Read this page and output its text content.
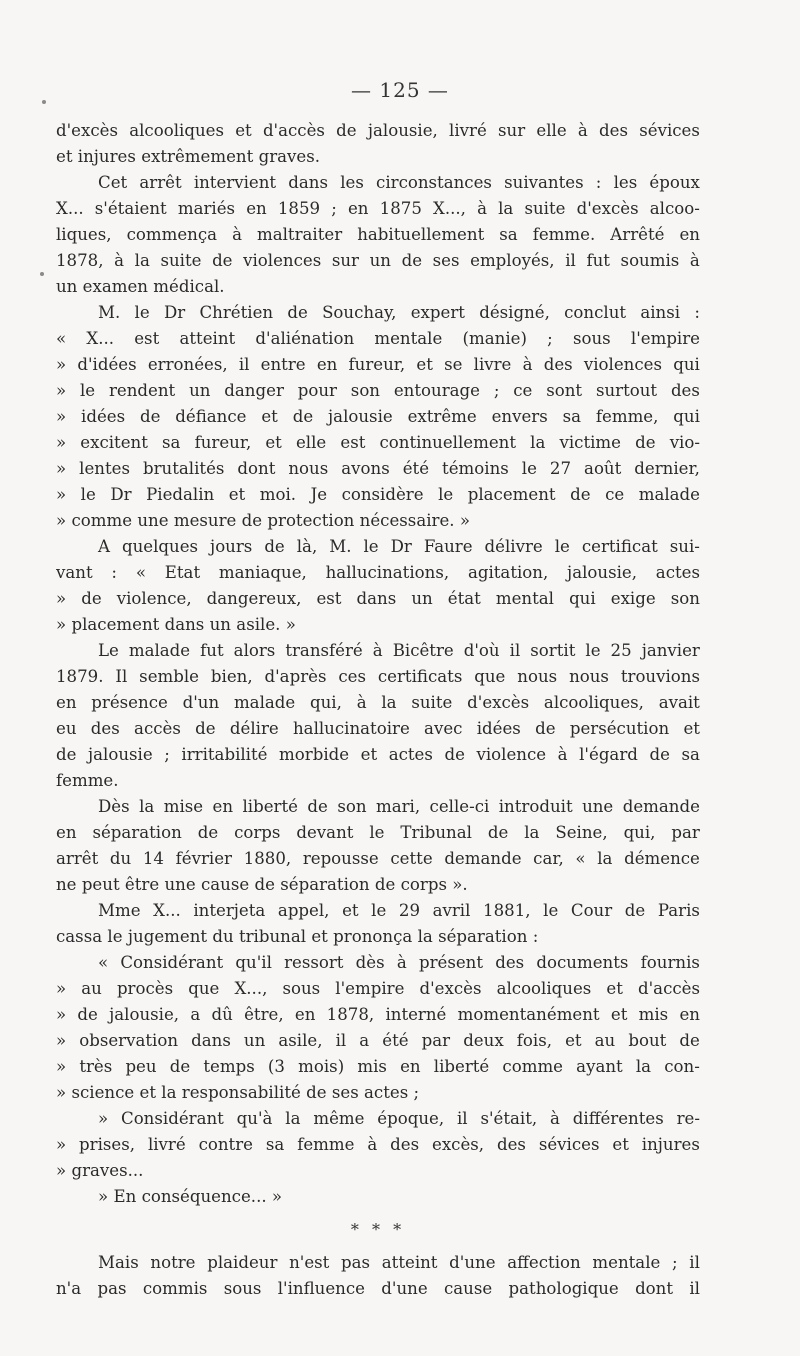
— 125 —
d'excès alcooliques et d'accès de jalousie, livré sur elle à des sévices
et injures extrêmement graves.
Cet arrêt intervient dans les circonstances suivantes : les époux
X... s'étaient mariés en 1859 ; en 1875 X..., à la suite d'excès alcoo-
liques, commença à maltraiter habituellement sa femme. Arrêté en
1878, à la suite de violences sur un de ses employés, il fut soumis à
un examen médical.
M. le Dr Chrétien de Souchay, expert désigné, conclut ainsi :
« X... est atteint d'aliénation mentale (manie) ; sous l'empire
» d'idées erronées, il entre en fureur, et se livre à des violences qui
» le rendent un danger pour son entourage ; ce sont surtout des
» idées de défiance et de jalousie extrême envers sa femme, qui
» excitent sa fureur, et elle est continuellement la victime de vio-
» lentes brutalités dont nous avons été témoins le 27 août dernier,
» le Dr Piedalin et moi. Je considère le placement de ce malade
» comme une mesure de protection nécessaire. »
A quelques jours de là, M. le Dr Faure délivre le certificat sui-
vant : « Etat maniaque, hallucinations, agitation, jalousie, actes
» de violence, dangereux, est dans un état mental qui exige son
» placement dans un asile. »
Le malade fut alors transféré à Bicêtre d'où il sortit le 25 janvier
1879. Il semble bien, d'après ces certificats que nous nous trouvions
en présence d'un malade qui, à la suite d'excès alcooliques, avait
eu des accès de délire hallucinatoire avec idées de persécution et
de jalousie ; irritabilité morbide et actes de violence à l'égard de sa
femme.
Dès la mise en liberté de son mari, celle-ci introduit une demande
en séparation de corps devant le Tribunal de la Seine, qui, par
arrêt du 14 février 1880, repousse cette demande car, « la démence
ne peut être une cause de séparation de corps ».
Mme X... interjeta appel, et le 29 avril 1881, le Cour de Paris
cassa le jugement du tribunal et prononça la séparation :
« Considérant qu'il ressort dès à présent des documents fournis
» au procès que X..., sous l'empire d'excès alcooliques et d'accès
» de jalousie, a dû être, en 1878, interné momentanément et mis en
» observation dans un asile, il a été par deux fois, et au bout de
» très peu de temps (3 mois) mis en liberté comme ayant la con-
» science et la responsabilité de ses actes ;
» Considérant qu'à la même époque, il s'était, à différentes re-
» prises, livré contre sa femme à des excès, des sévices et injures
» graves...
» En conséquence... »
* * *
Mais notre plaideur n'est pas atteint d'une affection mentale ; il
n'a pas commis sous l'influence d'une cause pathologique dont il
